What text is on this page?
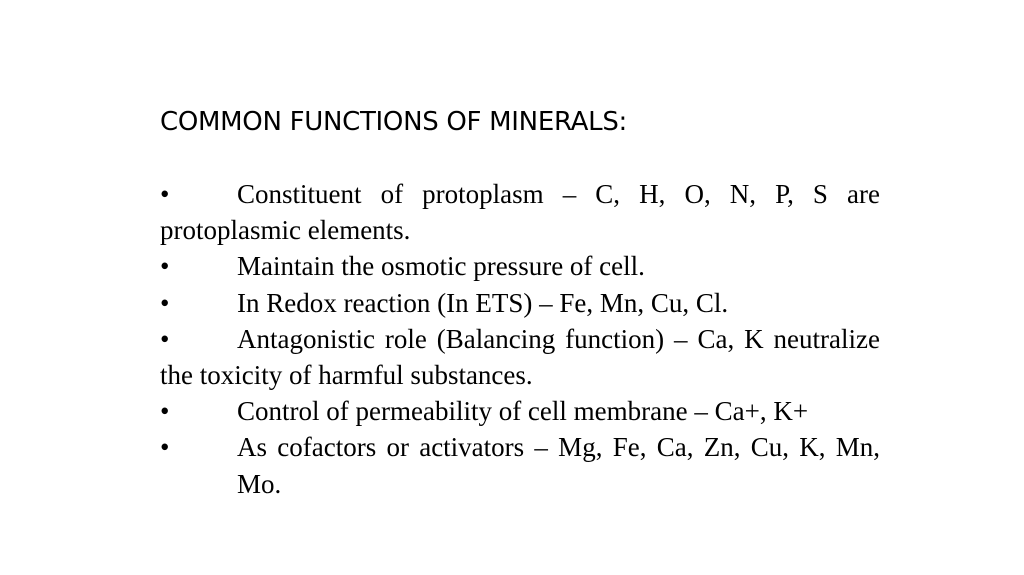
COMMON FUNCTIONS OF MINERALS:

•	Constituent of protoplasm – C, H, O, N, P, S are protoplasmic elements.

•	Maintain the osmotic pressure of cell.

•	In Redox reaction (In ETS) – Fe, Mn, Cu, Cl.

•	Antagonistic role (Balancing function) – Ca, K neutralize the toxicity of harmful substances.

•	Control of permeability of cell membrane – Ca+, K+

•	As cofactors or activators – Mg, Fe, Ca, Zn, Cu, K, Mn, Mo.
